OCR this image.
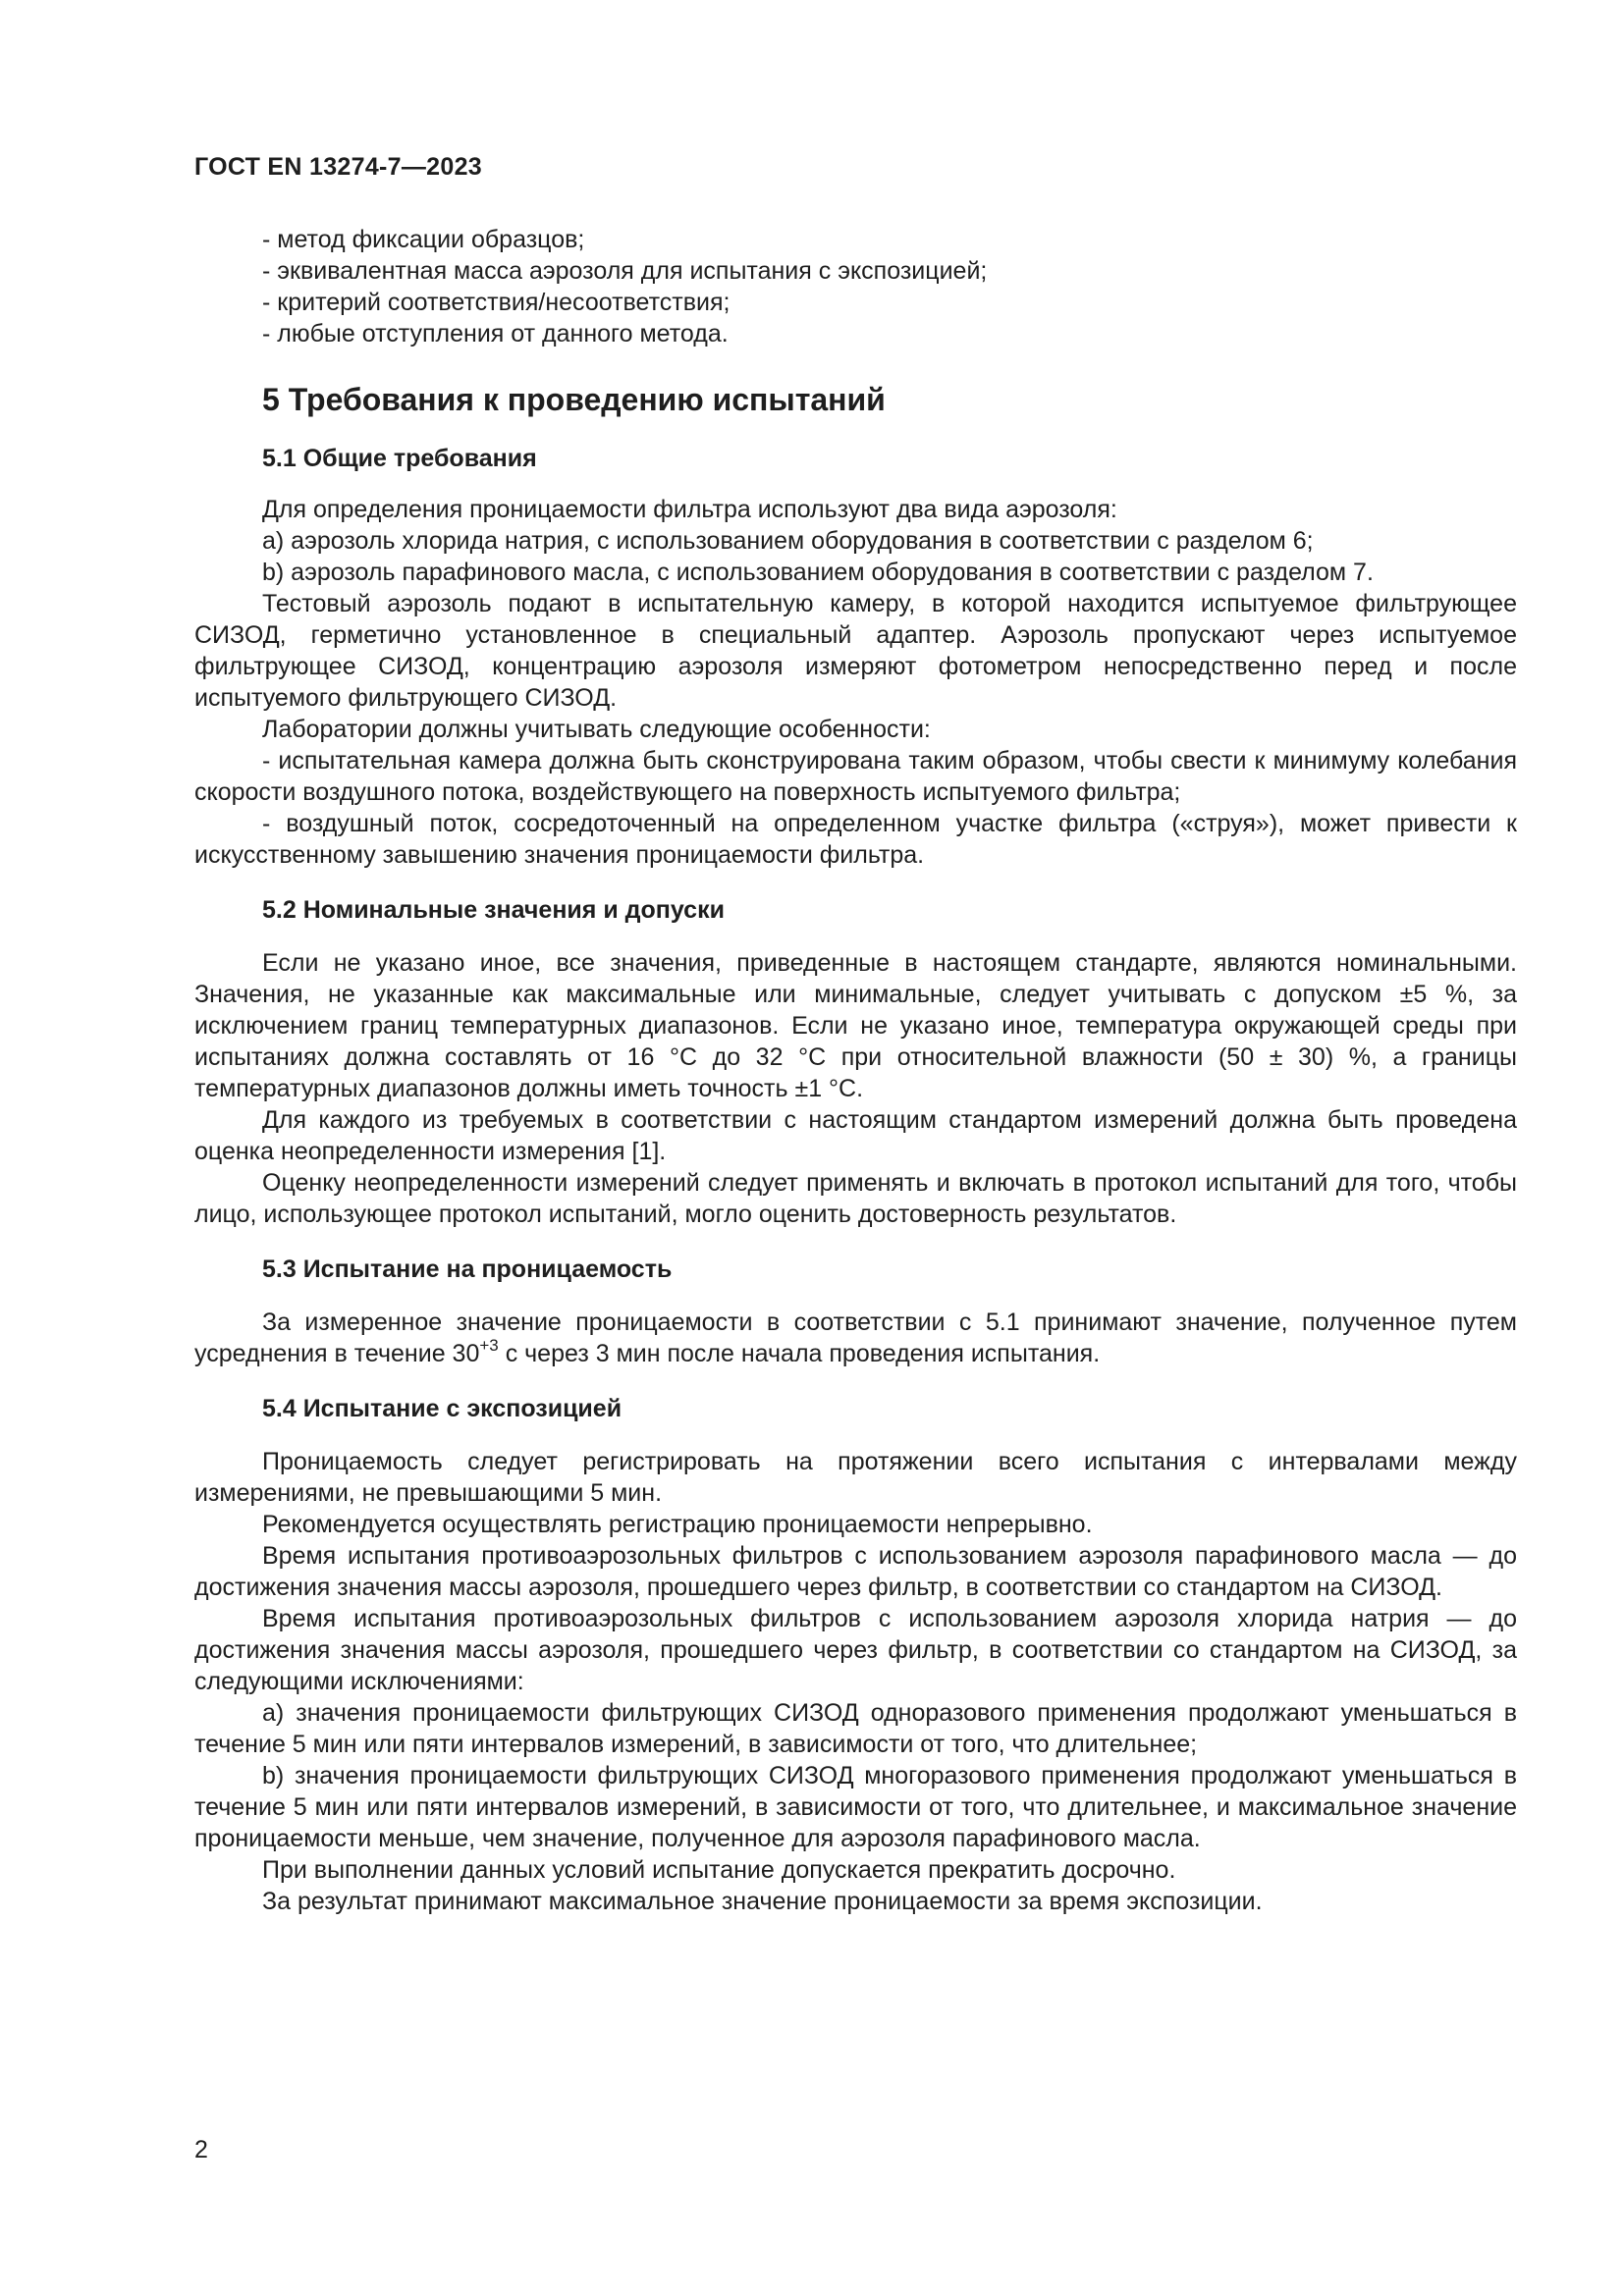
ГОСТ EN 13274-7—2023

- метод фиксации образцов;

- эквивалентная масса аэрозоля для испытания с экспозицией;

- критерий соответствия/несоответствия;

- любые отступления от данного метода.

5 Требования к проведению испытаний
5.1 Общие требования

Для определения проницаемости фильтра используют два вида аэрозоля:

a) аэрозоль хлорида натрия, с использованием оборудования в соответствии с разделом 6;

b) аэрозоль парафинового масла, с использованием оборудования в соответствии с разделом 7.

Тестовый аэрозоль подают в испытательную камеру, в которой находится испытуемое фильтрующее СИЗОД, герметично установленное в специальный адаптер. Аэрозоль пропускают через испытуемое фильтрующее СИЗОД, концентрацию аэрозоля измеряют фотометром непосредственно перед и после испытуемого фильтрующего СИЗОД.

Лаборатории должны учитывать следующие особенности:

- испытательная камера должна быть сконструирована таким образом, чтобы свести к минимуму колебания скорости воздушного потока, воздействующего на поверхность испытуемого фильтра;

- воздушный поток, сосредоточенный на определенном участке фильтра («струя»), может привести к искусственному завышению значения проницаемости фильтра.

5.2 Номинальные значения и допуски

Если не указано иное, все значения, приведенные в настоящем стандарте, являются номинальными. Значения, не указанные как максимальные или минимальные, следует учитывать с допуском ±5 %, за исключением границ температурных диапазонов. Если не указано иное, температура окружающей среды при испытаниях должна составлять от 16 °С до 32 °С при относительной влажности (50 ± 30) %, а границы температурных диапазонов должны иметь точность ±1 °С.

Для каждого из требуемых в соответствии с настоящим стандартом измерений должна быть проведена оценка неопределенности измерения [1].

Оценку неопределенности измерений следует применять и включать в протокол испытаний для того, чтобы лицо, использующее протокол испытаний, могло оценить достоверность результатов.

5.3 Испытание на проницаемость

За измеренное значение проницаемости в соответствии с 5.1 принимают значение, полученное путем усреднения в течение $30^{+3}$ с через 3 мин после начала проведения испытания.

5.4 Испытание с экспозицией

Проницаемость следует регистрировать на протяжении всего испытания с интервалами между измерениями, не превышающими 5 мин.

Рекомендуется осуществлять регистрацию проницаемости непрерывно.

Время испытания противоаэрозольных фильтров с использованием аэрозоля парафинового масла — до достижения значения массы аэрозоля, прошедшего через фильтр, в соответствии со стандартом на СИЗОД.

Время испытания противоаэрозольных фильтров с использованием аэрозоля хлорида натрия — до достижения значения массы аэрозоля, прошедшего через фильтр, в соответствии со стандартом на СИЗОД, за следующими исключениями:

a) значения проницаемости фильтрующих СИЗОД одноразового применения продолжают уменьшаться в течение 5 мин или пяти интервалов измерений, в зависимости от того, что длительнее;

b) значения проницаемости фильтрующих СИЗОД многоразового применения продолжают уменьшаться в течение 5 мин или пяти интервалов измерений, в зависимости от того, что длительнее, и максимальное значение проницаемости меньше, чем значение, полученное для аэрозоля парафинового масла.

При выполнении данных условий испытание допускается прекратить досрочно.

За результат принимают максимальное значение проницаемости за время экспозиции.

2
